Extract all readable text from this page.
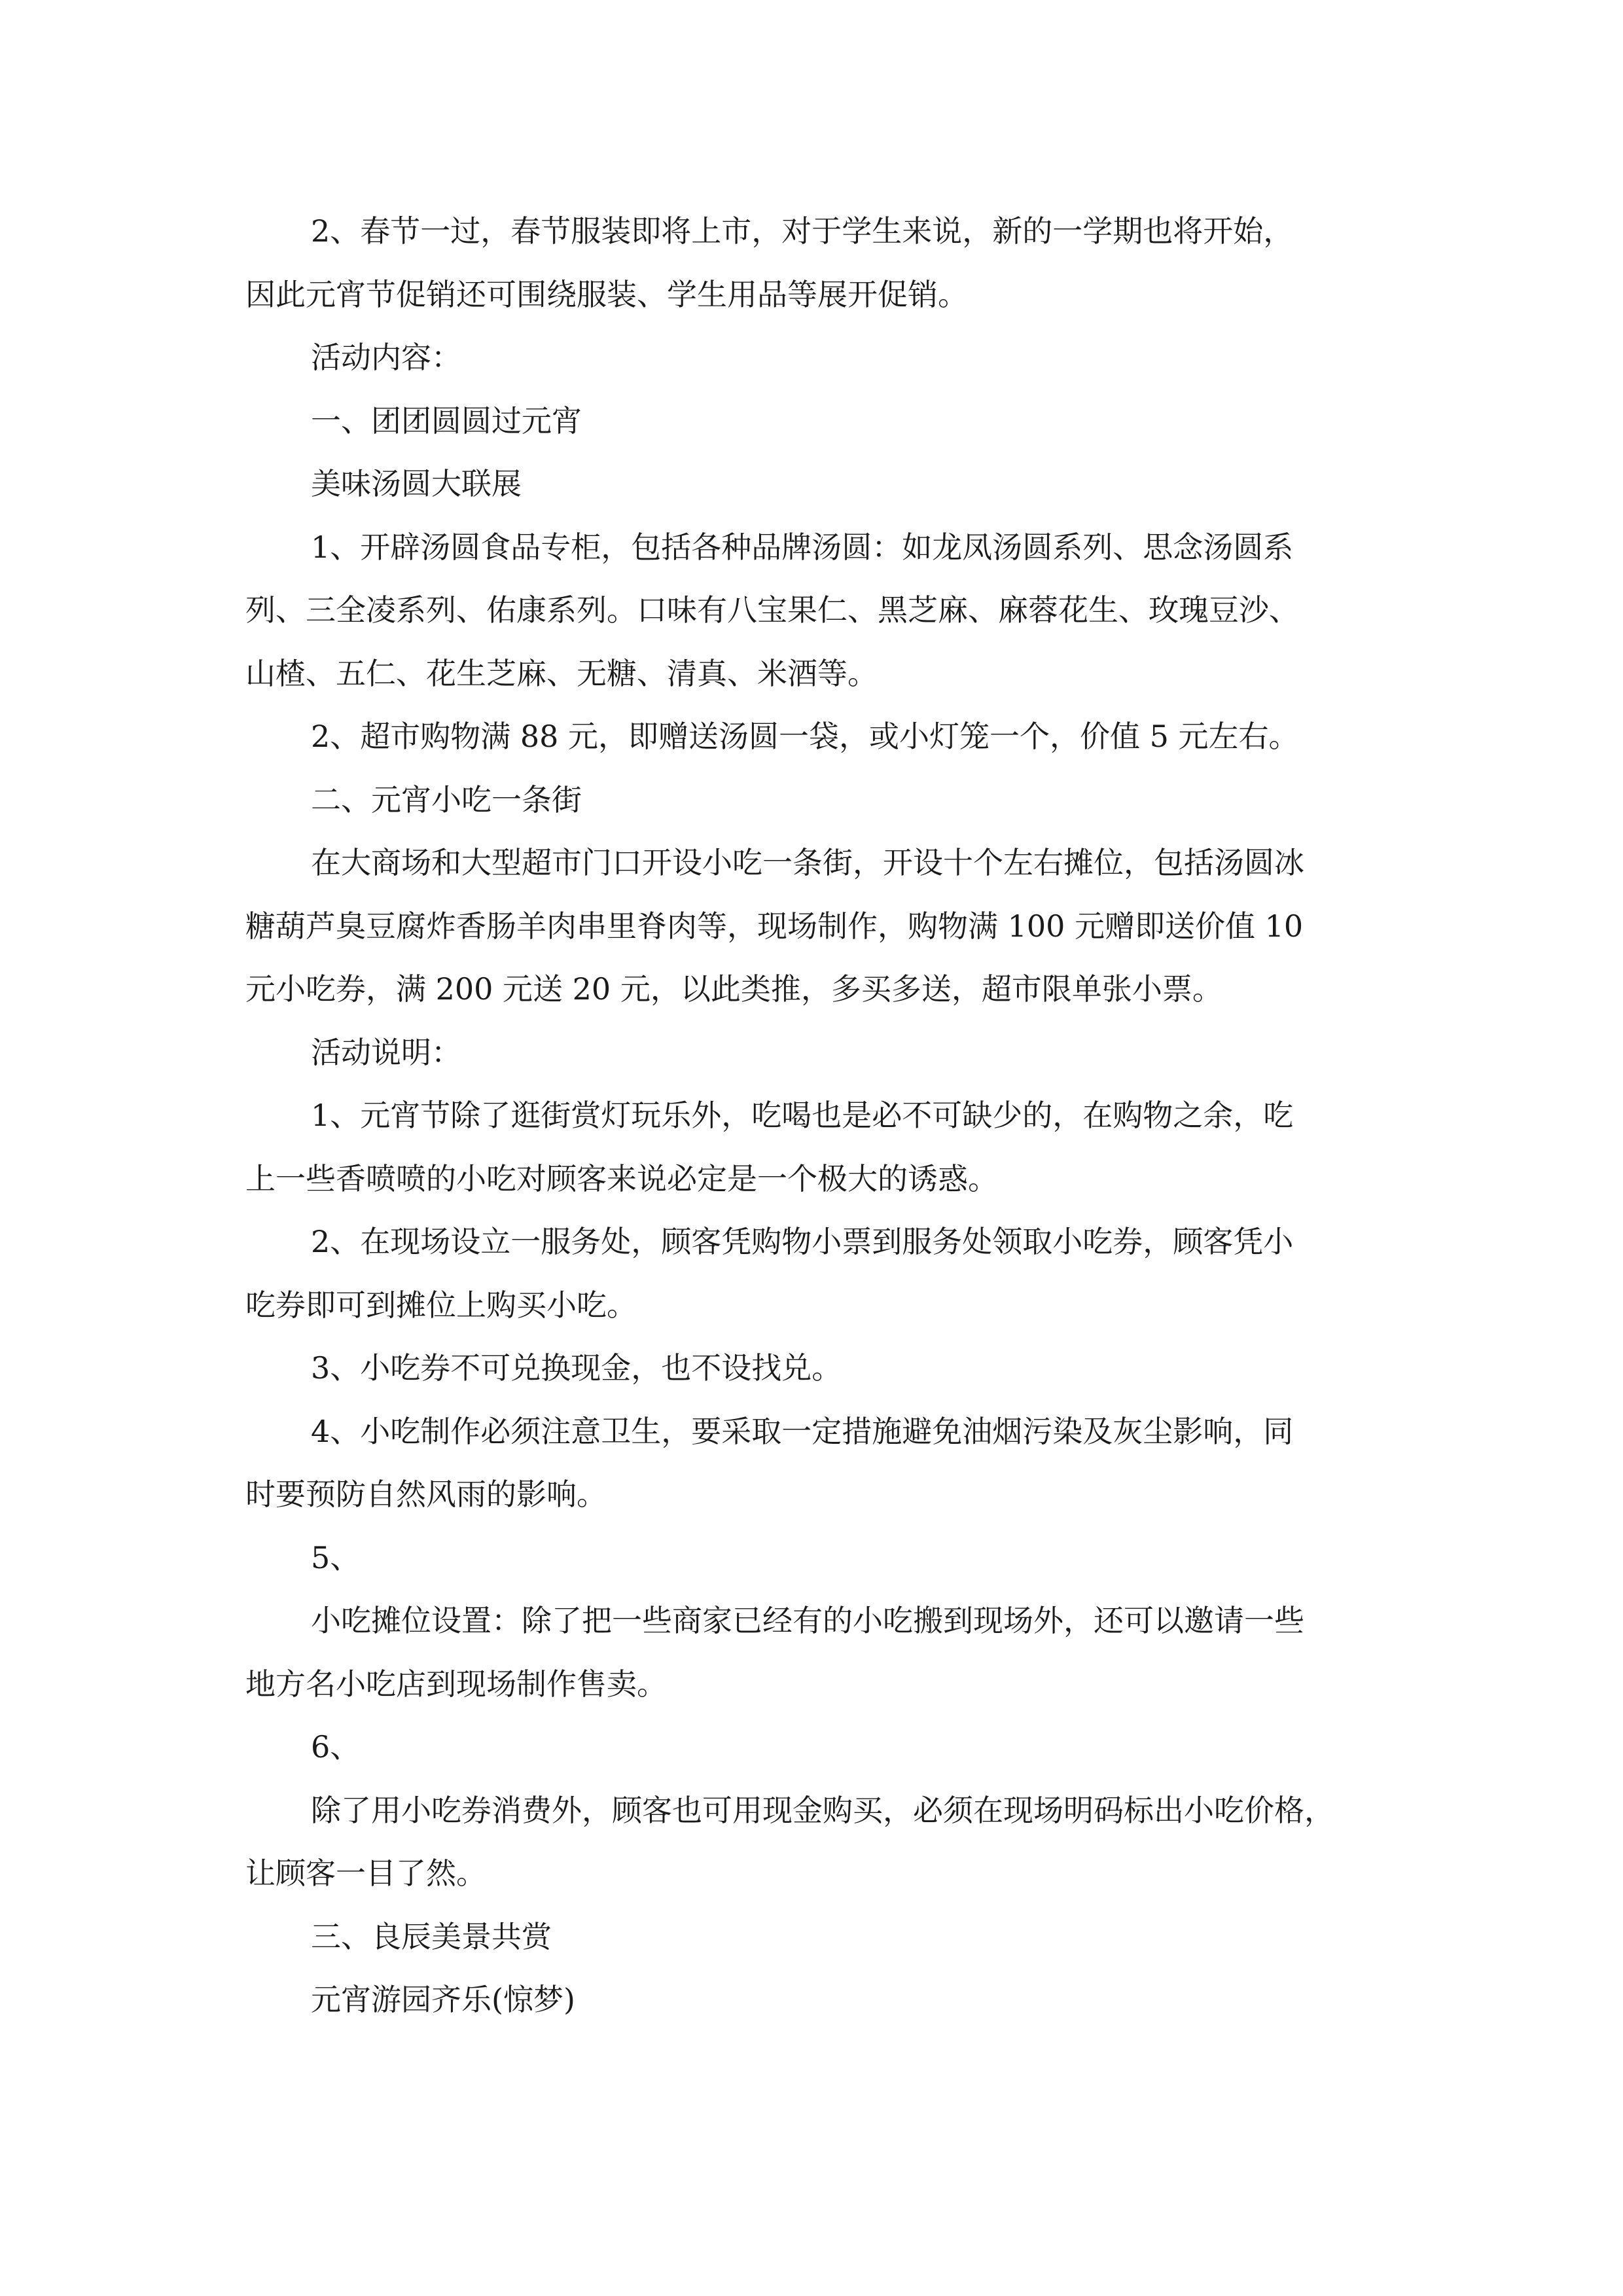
2、春节一过，春节服装即将上市，对于学生来说，新的一学期也将开始，
因此元宵节促销还可围绕服装、学生用品等展开促销。

活动内容：

一、团团圆圆过元宵

美味汤圆大联展

1、开辟汤圆食品专柜，包括各种品牌汤圆：如龙凤汤圆系列、思念汤圆系
列、三全凌系列、佑康系列。口味有八宝果仁、黑芝麻、麻蓉花生、玫瑰豆沙、
山楂、五仁、花生芝麻、无糖、清真、米酒等。

2、超市购物满 88 元，即赠送汤圆一袋，或小灯笼一个，价值 5 元左右。

二、元宵小吃一条街

在大商场和大型超市门口开设小吃一条街，开设十个左右摊位，包括汤圆冰
糖葫芦臭豆腐炸香肠羊肉串里脊肉等，现场制作，购物满 100 元赠即送价值 10
元小吃券，满 200 元送 20 元，以此类推，多买多送，超市限单张小票。

活动说明：

1、元宵节除了逛街赏灯玩乐外，吃喝也是必不可缺少的，在购物之余，吃
上一些香喷喷的小吃对顾客来说必定是一个极大的诱惑。

2、在现场设立一服务处，顾客凭购物小票到服务处领取小吃券，顾客凭小
吃券即可到摊位上购买小吃。

3、小吃券不可兑换现金，也不设找兑。

4、小吃制作必须注意卫生，要采取一定措施避免油烟污染及灰尘影响，同
时要预防自然风雨的影响。

5、

小吃摊位设置：除了把一些商家已经有的小吃搬到现场外，还可以邀请一些
地方名小吃店到现场制作售卖。

6、

除了用小吃券消费外，顾客也可用现金购买，必须在现场明码标出小吃价格，
让顾客一目了然。

三、良辰美景共赏

元宵游园齐乐(惊梦)
